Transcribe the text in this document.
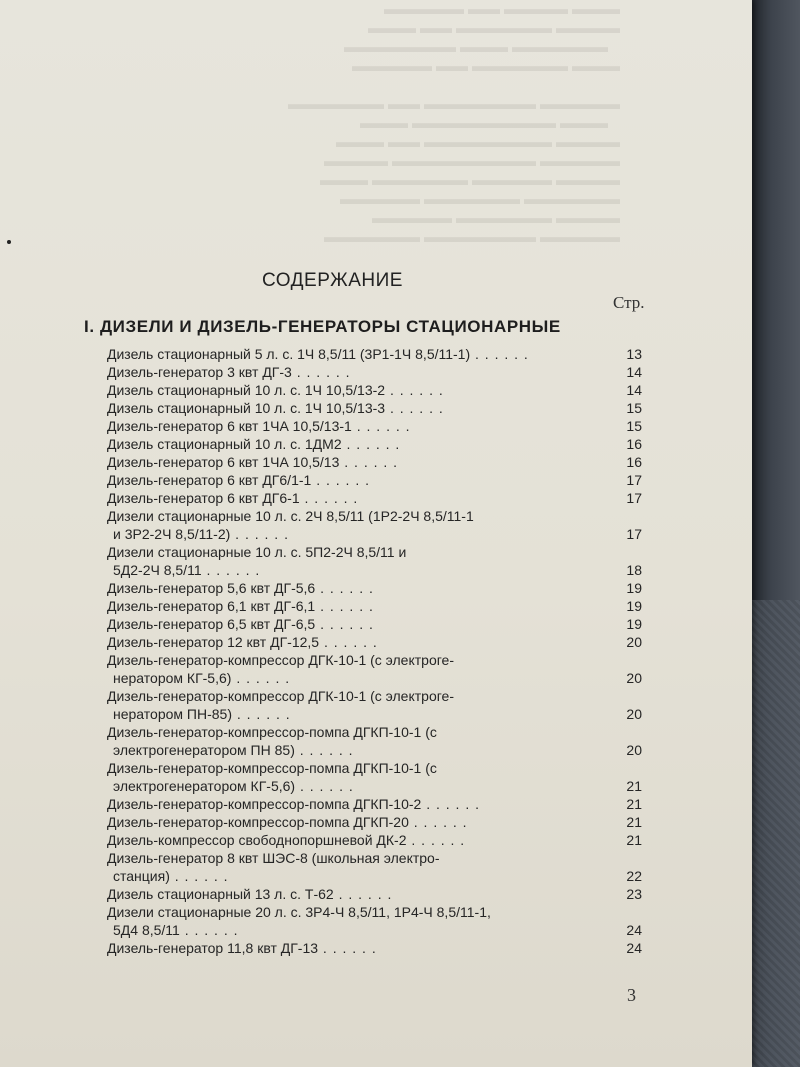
▬▬▬ ▬▬▬▬ ▬▬ ▬▬▬▬▬
▬▬▬▬ ▬▬▬▬▬▬ ▬▬ ▬▬▬
▬▬▬▬▬▬ ▬▬▬ ▬▬▬▬▬▬▬
▬▬▬ ▬▬▬▬▬▬ ▬▬ ▬▬▬▬▬

▬▬▬▬▬ ▬▬▬▬▬▬▬ ▬▬ ▬▬▬▬▬▬
▬▬▬ ▬▬▬▬▬▬▬▬▬ ▬▬▬
▬▬▬▬ ▬▬▬▬▬▬▬▬ ▬▬ ▬▬▬
▬▬▬▬▬ ▬▬▬▬▬▬▬▬▬ ▬▬▬▬
▬▬▬▬ ▬▬▬▬▬ ▬▬▬▬▬▬ ▬▬▬
▬▬▬▬▬▬ ▬▬▬▬▬▬ ▬▬▬▬▬
▬▬▬▬ ▬▬▬▬▬▬ ▬▬▬▬▬
▬▬▬▬▬ ▬▬▬▬▬▬▬ ▬▬▬▬▬▬
СОДЕРЖАНИЕ
Стр.
I. ДИЗЕЛИ И ДИЗЕЛЬ-ГЕНЕРАТОРЫ СТАЦИОНАРНЫЕ
Дизель стационарный 5 л. с. 1Ч 8,5/11 (3Р1-1Ч 8,5/11-1) . .	13
Дизель-генератор 3 квт ДГ-3 . .	14
Дизель стационарный 10 л. с. 1Ч 10,5/13-2 . .	14
Дизель стационарный 10 л. с. 1Ч 10,5/13-3 . .	15
Дизель-генератор 6 квт 1ЧА 10,5/13-1 . .	15
Дизель стационарный 10 л. с. 1ДМ2 . .	16
Дизель-генератор 6 квт 1ЧА 10,5/13 . .	16
Дизель-генератор 6 квт ДГ6/1-1 . .	17
Дизель-генератор 6 квт ДГ6-1 . .	17
Дизели стационарные 10 л. с. 2Ч 8,5/11 (1Р2-2Ч 8,5/11-1
и 3Р2-2Ч 8,5/11-2) . .	17
Дизели стационарные 10 л. с. 5П2-2Ч 8,5/11 и
5Д2-2Ч 8,5/11 . .	18
Дизель-генератор 5,6 квт ДГ-5,6 . .	19
Дизель-генератор 6,1 квт ДГ-6,1 . .	19
Дизель-генератор 6,5 квт ДГ-6,5 . .	19
Дизель-генератор 12 квт ДГ-12,5 . .	20
Дизель-генератор-компрессор ДГК-10-1 (с электроге-
нератором КГ-5,6) . .	20
Дизель-генератор-компрессор ДГК-10-1 (с электроге-
нератором ПН-85) . .	20
Дизель-генератор-компрессор-помпа ДГКП-10-1 (с
электрогенератором ПН 85) . .	20
Дизель-генератор-компрессор-помпа ДГКП-10-1 (с
электрогенератором КГ-5,6) . .	21
Дизель-генератор-компрессор-помпа ДГКП-10-2 . .	21
Дизель-генератор-компрессор-помпа ДГКП-20 . .	21
Дизель-компрессор свободнопоршневой ДК-2 . .	21
Дизель-генератор 8 квт ШЭС-8 (школьная электро-
станция) . .	22
Дизель стационарный 13 л. с. Т-62 . .	23
Дизели стационарные 20 л. с. 3Р4-Ч 8,5/11, 1Р4-Ч 8,5/11-1,
5Д4 8,5/11 . .	24
Дизель-генератор 11,8 квт ДГ-13 . .	24
3
